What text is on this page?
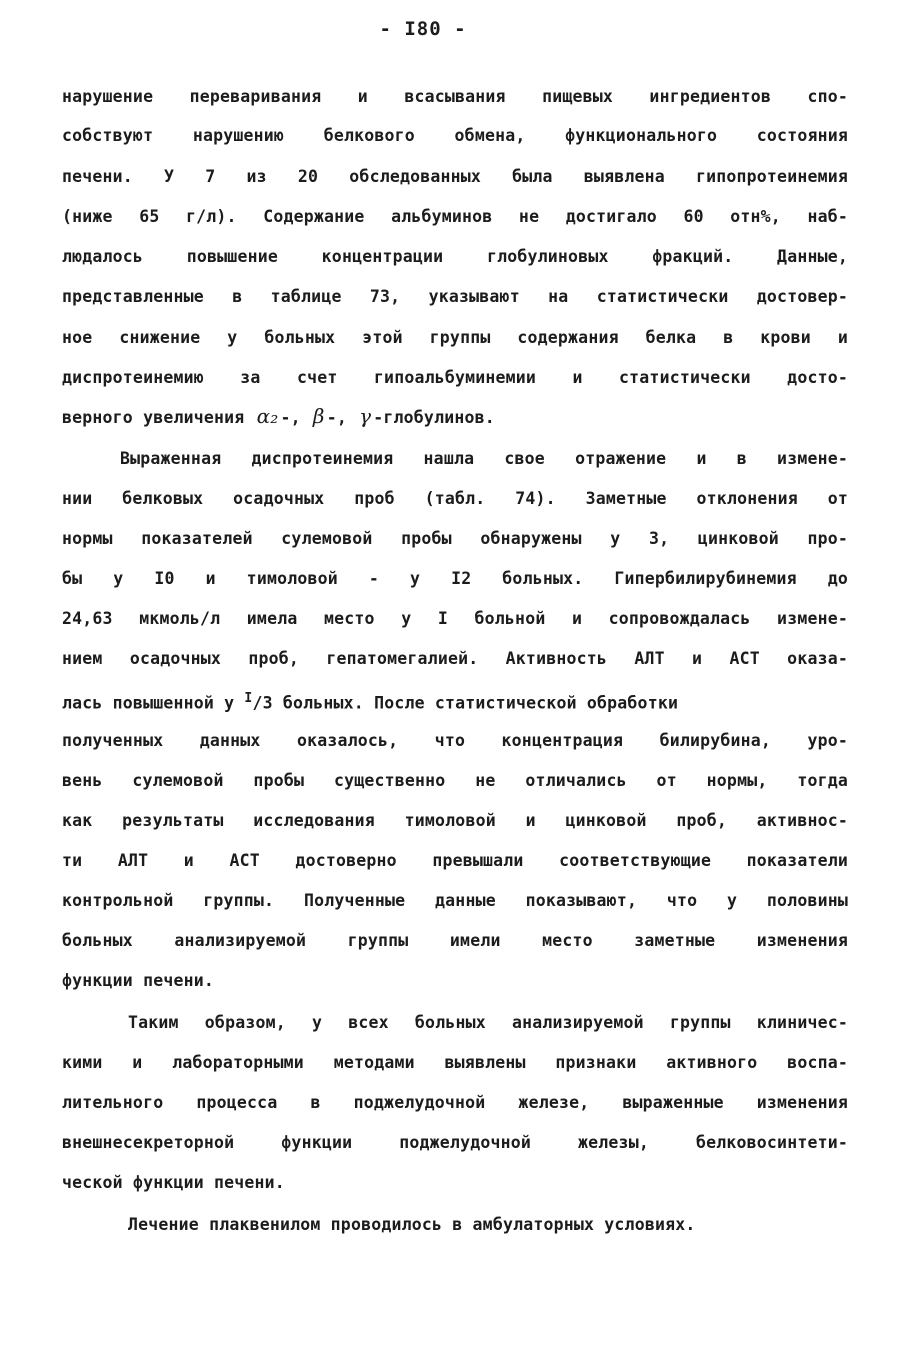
- I80 -
нарушение переваривания и всасывания пищевых ингредиентов спо-
собствуют нарушению белкового обмена, функционального состояния
печени. У 7 из 20 обследованных была выявлена гипопротеинемия
(ниже 65 г/л). Содержание альбуминов не достигало 60 отн%, наб-
людалось повышение концентрации глобулиновых фракций. Данные,
представленные в таблице 73, указывают на статистически достовер-
ное снижение у больных этой группы содержания белка в крови и
диспротеинемию за счет гипоальбуминемии и статистически досто-
верного увеличения α₂ -, β -, γ -глобулинов.
Выраженная диспротеинемия нашла свое отражение и в измене-
нии белковых осадочных проб (табл. 74). Заметные отклонения от
нормы показателей сулемовой пробы обнаружены у 3, цинковой про-
бы у I0 и тимоловой - у I2 больных. Гипербилирубинемия до
24,63 мкмоль/л имела место у I больной и сопровождалась измене-
нием осадочных проб, гепатомегалией. Активность АЛТ и АСТ оказа-
лась повышенной у $^I$/3 больных. После статистической обработки
полученных данных оказалось, что концентрация билирубина, уро-
вень сулемовой пробы существенно не отличались от нормы, тогда
как результаты исследования тимоловой и цинковой проб, активнос-
ти АЛТ и АСТ достоверно превышали соответствующие показатели
контрольной группы. Полученные данные показывают, что у половины
больных анализируемой группы имели место заметные изменения
функции печени.
Таким образом, у всех больных анализируемой группы клиничес-
кими и лабораторными методами выявлены признаки активного воспа-
лительного процесса в поджелудочной железе, выраженные изменения
внешнесекреторной функции поджелудочной железы, белковосинтети-
ческой функции печени.
Лечение плаквенилом проводилось в амбулаторных условиях.
